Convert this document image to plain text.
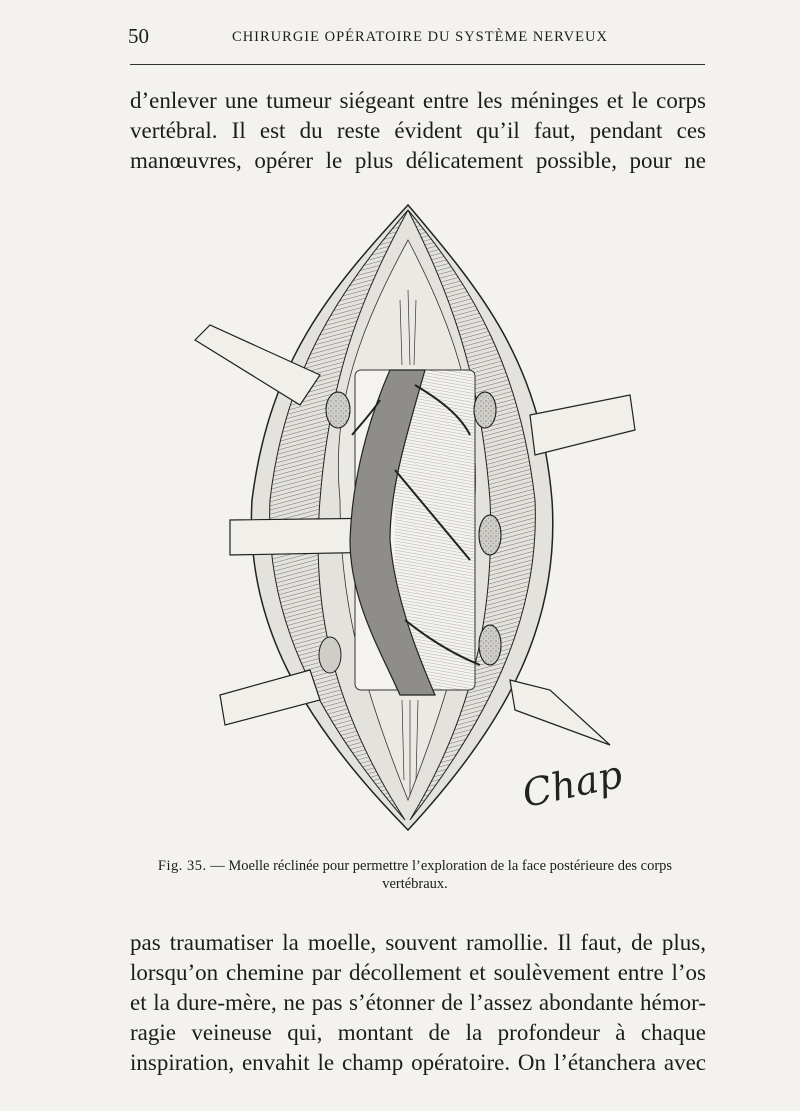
50	CHIRURGIE OPÉRATOIRE DU SYSTÈME NERVEUX
d’enlever une tumeur siégeant entre les méninges et le corps
vertébral. Il est du reste évident qu’il faut, pendant ces
manœuvres, opérer le plus délicatement possible, pour ne
Chap
Fig. 35. — Moelle réclinée pour permettre l’exploration de la face postérieure des corps vertébraux.
pas traumatiser la moelle, souvent ramollie. Il faut, de plus,
lorsqu’on chemine par décollement et soulèvement entre l’os
et la dure-mère, ne pas s’étonner de l’assez abondante hémor-
ragie veineuse qui, montant de la profondeur à chaque
inspiration, envahit le champ opératoire. On l’étanchera avec
